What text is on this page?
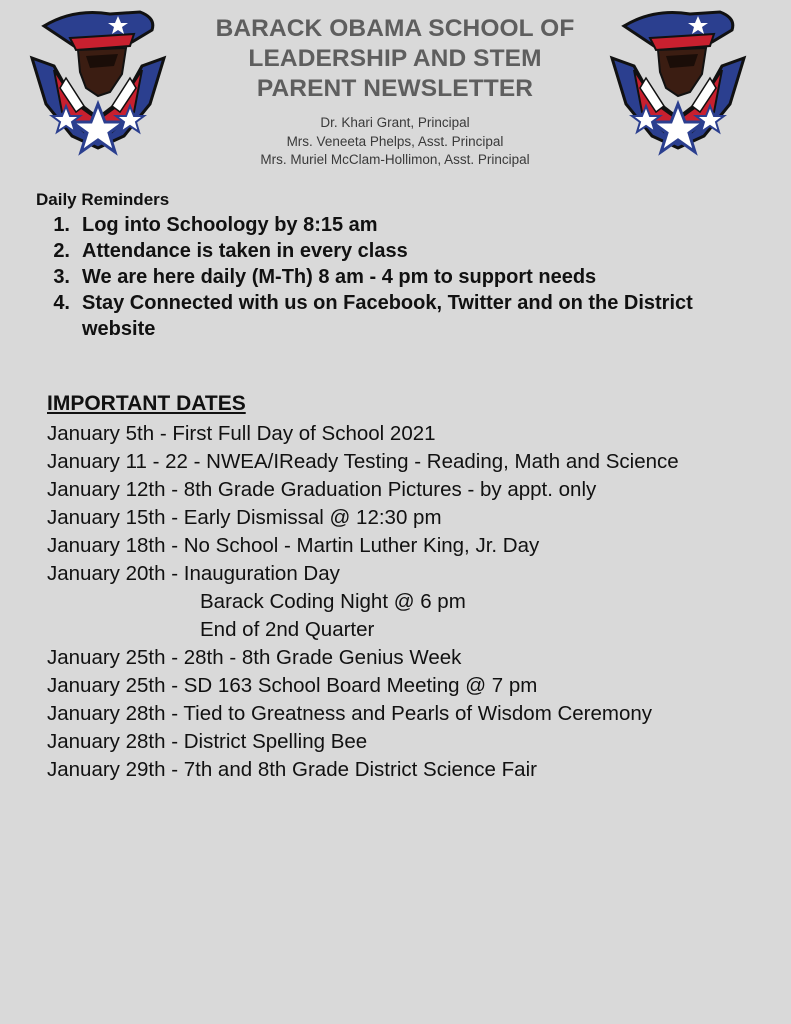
BARACK OBAMA SCHOOL OF
LEADERSHIP AND STEM
PARENT NEWSLETTER
Dr. Khari Grant, Principal
Mrs. Veneeta Phelps, Asst. Principal
Mrs. Muriel McClam-Hollimon, Asst. Principal
Daily Reminders
1. Log into Schoology by 8:15 am
2. Attendance is taken in every class
3. We are here daily (M-Th) 8 am - 4 pm to support needs
4. Stay Connected with us on Facebook, Twitter and on the District website
IMPORTANT DATES
January 5th - First Full Day of School 2021
January 11 - 22 - NWEA/IReady Testing - Reading, Math and Science
January 12th - 8th Grade Graduation Pictures - by appt. only
January 15th - Early Dismissal @ 12:30 pm
January 18th - No School - Martin Luther King, Jr. Day
January 20th - Inauguration Day
Barack Coding Night @ 6 pm
End of 2nd Quarter
January 25th - 28th - 8th Grade Genius Week
January 25th - SD 163 School Board Meeting @ 7 pm
January 28th - Tied to Greatness and Pearls of Wisdom Ceremony
January 28th - District Spelling Bee
January 29th - 7th and 8th Grade District Science Fair
